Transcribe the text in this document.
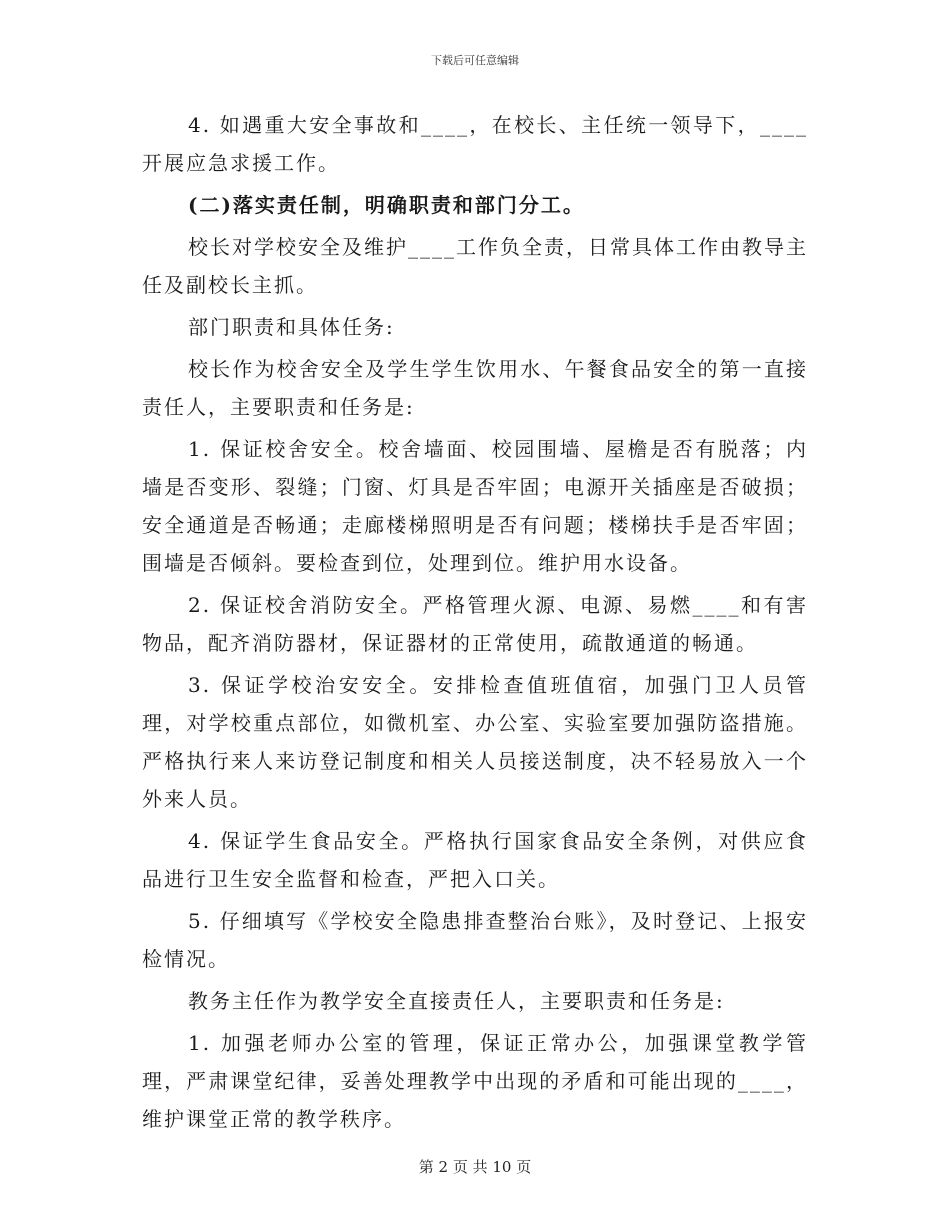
下载后可任意编辑

4. 如遇重大安全事故和____，在校长、主任统一领导下，____开展应急求援工作。

(二)落实责任制，明确职责和部门分工。

校长对学校安全及维护____工作负全责，日常具体工作由教导主任及副校长主抓。

部门职责和具体任务:

校长作为校舍安全及学生学生饮用水、午餐食品安全的第一直接责任人，主要职责和任务是:

1. 保证校舍安全。校舍墙面、校园围墙、屋檐是否有脱落；内墙是否变形、裂缝；门窗、灯具是否牢固；电源开关插座是否破损；安全通道是否畅通；走廊楼梯照明是否有问题；楼梯扶手是否牢固；围墙是否倾斜。要检查到位，处理到位。维护用水设备。

2. 保证校舍消防安全。严格管理火源、电源、易燃____和有害物品，配齐消防器材，保证器材的正常使用，疏散通道的畅通。

3. 保证学校治安安全。安排检查值班值宿，加强门卫人员管理，对学校重点部位，如微机室、办公室、实验室要加强防盗措施。严格执行来人来访登记制度和相关人员接送制度，决不轻易放入一个外来人员。

4. 保证学生食品安全。严格执行国家食品安全条例，对供应食品进行卫生安全监督和检查，严把入口关。

5. 仔细填写《学校安全隐患排查整治台账》，及时登记、上报安检情况。

教务主任作为教学安全直接责任人，主要职责和任务是:

1. 加强老师办公室的管理，保证正常办公，加强课堂教学管理，严肃课堂纪律，妥善处理教学中出现的矛盾和可能出现的____，维护课堂正常的教学秩序。

第 2 页 共 10 页
